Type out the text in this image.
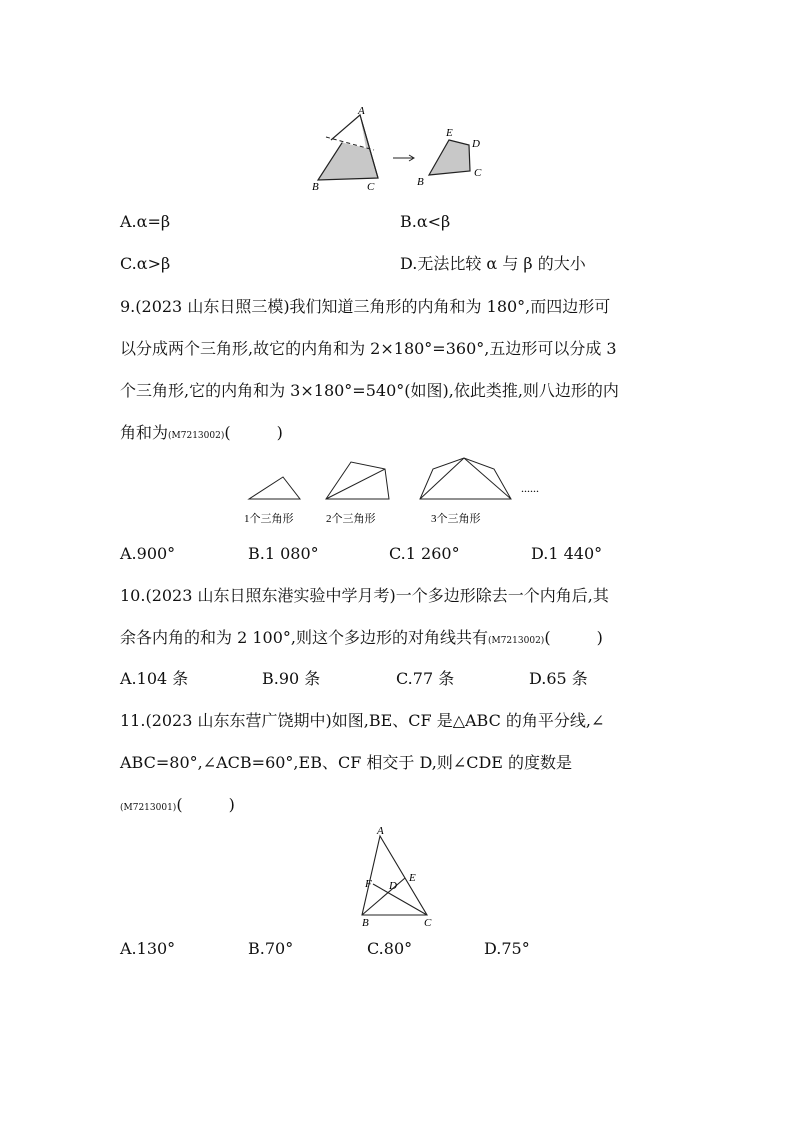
A
B	C
E
D
B
C
A.α=β	B.α<β
C.α>β	D.无法比较 α 与 β 的大小
9.(2023 山东日照三模)我们知道三角形的内角和为 180°,而四边形可
以分成两个三角形,故它的内角和为 2×180°=360°,五边形可以分成 3
个三角形,它的内角和为 3×180°=540°(如图),依此类推,则八边形的内
角和为(M7213002)(	)
......
1个三角形	2个三角形	3个三角形
A.900°	B.1 080°	C.1 260°	D.1 440°
10.(2023 山东日照东港实验中学月考)一个多边形除去一个内角后,其
余各内角的和为 2 100°,则这个多边形的对角线共有(M7213002)(	)
A.104 条	B.90 条	C.77 条	D.65 条
11.(2023 山东东营广饶期中)如图,BE、CF 是△ABC 的角平分线,∠
ABC=80°,∠ACB=60°,EB、CF 相交于 D,则∠CDE 的度数是
(M7213001)(	)
A
B	C
D
E
F
A.130°	B.70°	C.80°	D.75°
